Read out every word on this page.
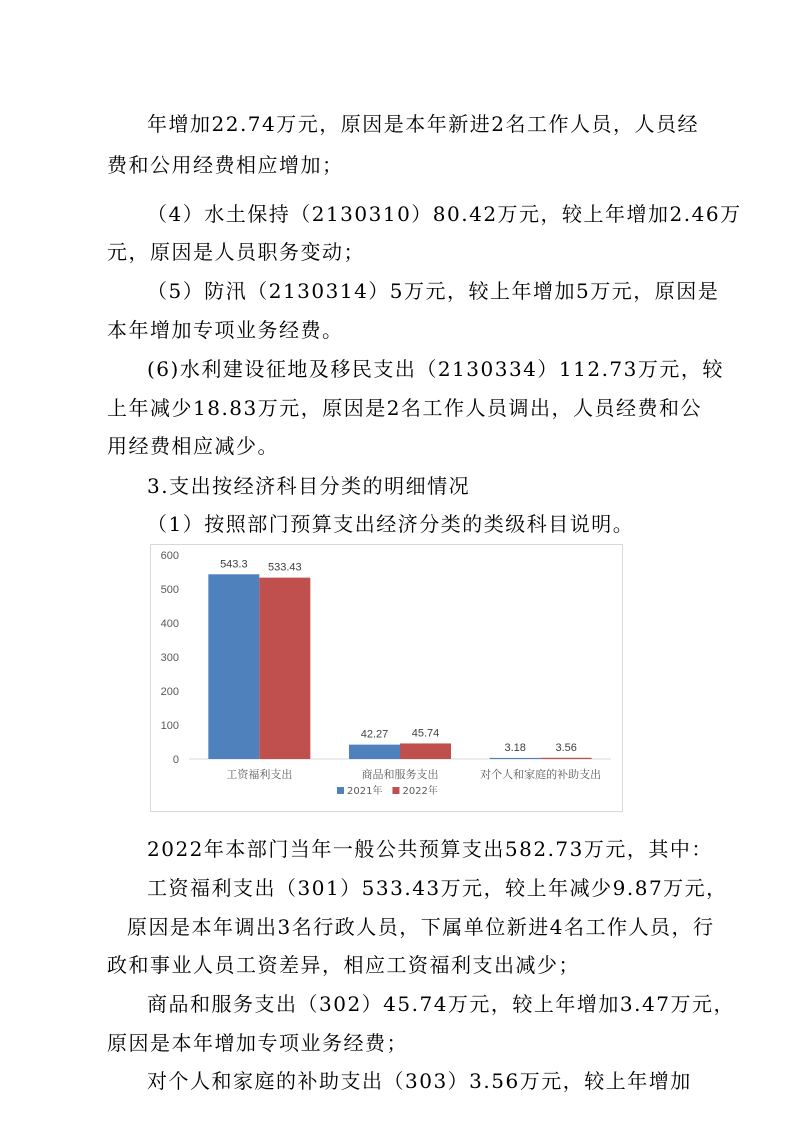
年增加22.74万元，原因是本年新进2名工作人员，人员经
费和公用经费相应增加；
（4）水土保持（2130310）80.42万元，较上年增加2.46万
元，原因是人员职务变动；
（5）防汛（2130314）5万元，较上年增加5万元，原因是
本年增加专项业务经费。
(6)水利建设征地及移民支出（2130334）112.73万元，较
上年减少18.83万元，原因是2名工作人员调出，人员经费和公
用经费相应减少。
3.支出按经济科目分类的明细情况
（1）按照部门预算支出经济分类的类级科目说明。
0
100
200
300
400
500
600
543.3 533.43
工资福利支出
42.27 45.74
商品和服务支出
3.18	3.56
对个人和家庭的补助支出
2021年 2022年
2022年本部门当年一般公共预算支出582.73万元，其中：
工资福利支出（301）533.43万元，较上年减少9.87万元，
原因是本年调出3名行政人员，下属单位新进4名工作人员，行
政和事业人员工资差异，相应工资福利支出减少；
商品和服务支出（302）45.74万元，较上年增加3.47万元，
原因是本年增加专项业务经费；
对个人和家庭的补助支出（303）3.56万元，较上年增加
